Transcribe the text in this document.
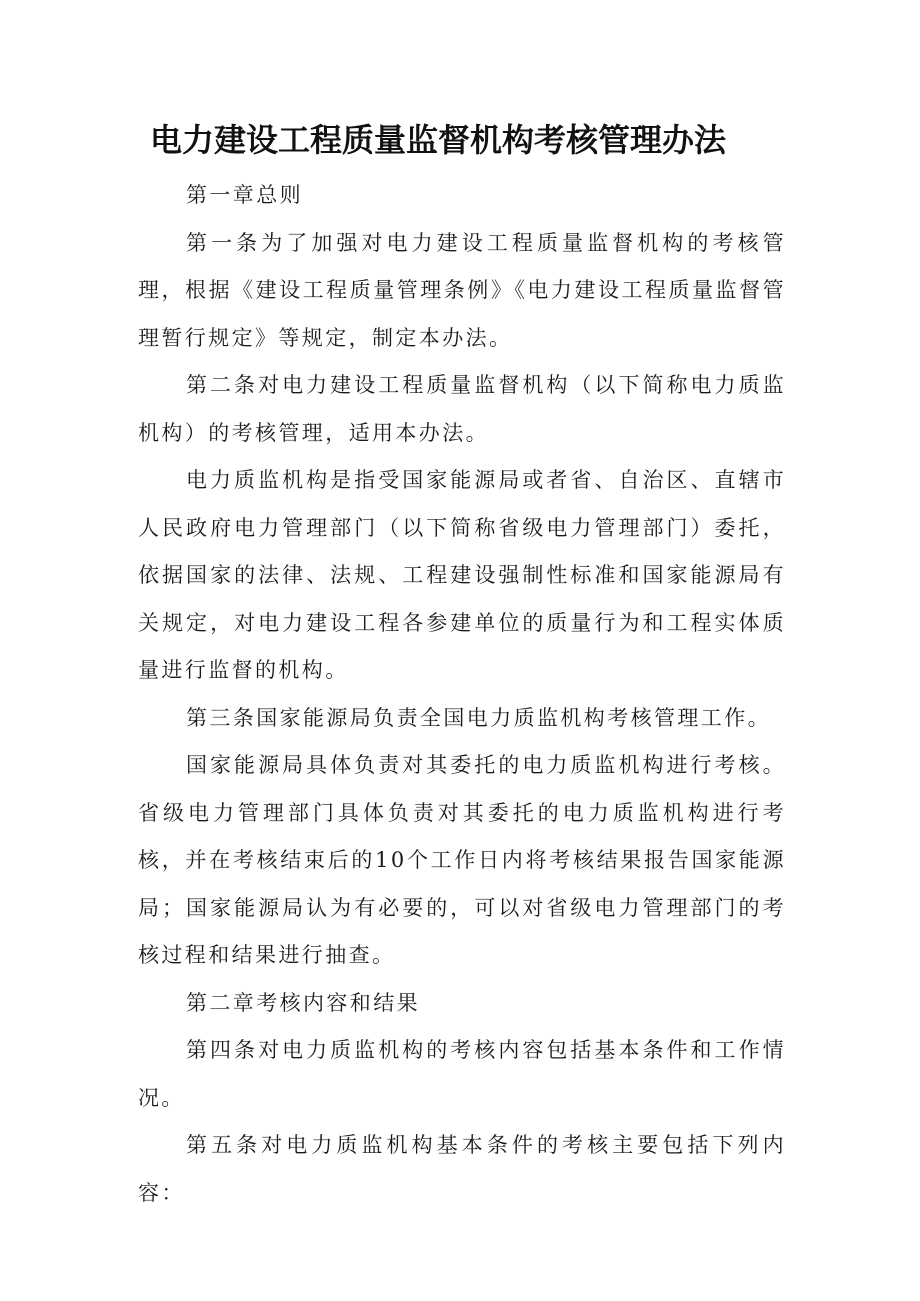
电力建设工程质量监督机构考核管理办法

第一章总则

第一条为了加强对电力建设工程质量监督机构的考核管理，根据《建设工程质量管理条例》《电力建设工程质量监督管理暂行规定》等规定，制定本办法。

第二条对电力建设工程质量监督机构（以下简称电力质监机构）的考核管理，适用本办法。

电力质监机构是指受国家能源局或者省、自治区、直辖市人民政府电力管理部门（以下简称省级电力管理部门）委托，依据国家的法律、法规、工程建设强制性标准和国家能源局有关规定，对电力建设工程各参建单位的质量行为和工程实体质量进行监督的机构。

第三条国家能源局负责全国电力质监机构考核管理工作。

国家能源局具体负责对其委托的电力质监机构进行考核。省级电力管理部门具体负责对其委托的电力质监机构进行考核，并在考核结束后的10个工作日内将考核结果报告国家能源局；国家能源局认为有必要的，可以对省级电力管理部门的考核过程和结果进行抽查。

第二章考核内容和结果

第四条对电力质监机构的考核内容包括基本条件和工作情况。

第五条对电力质监机构基本条件的考核主要包括下列内容：
